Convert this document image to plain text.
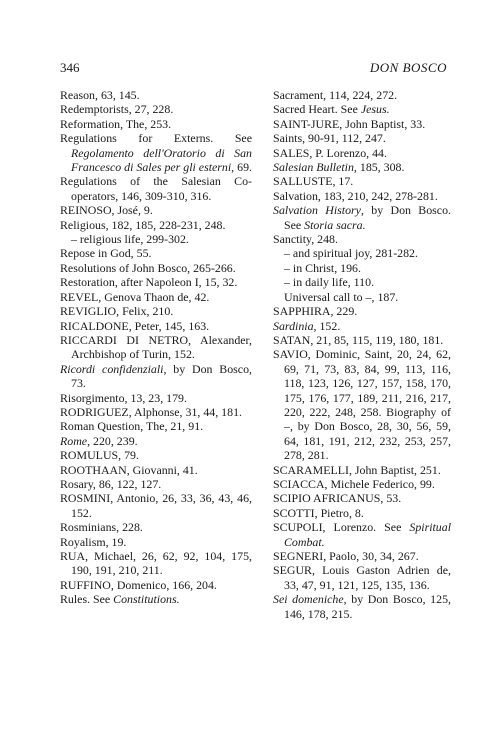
346	DON BOSCO
Reason, 63, 145.
Redemptorists, 27, 228.
Reformation, The, 253.
Regulations for Externs. See Regolamento dell'Oratorio di San Francesco di Sales per gli esterni, 69.
Regulations of the Salesian Co-operators, 146, 309-310, 316.
REINOSO, José, 9.
Religious, 182, 185, 228-231, 248.
– religious life, 299-302.
Repose in God, 55.
Resolutions of John Bosco, 265-266.
Restoration, after Napoleon I, 15, 32.
REVEL, Genova Thaon de, 42.
REVIGLIO, Felix, 210.
RICALDONE, Peter, 145, 163.
RICCARDI DI NETRO, Alexander, Archbishop of Turin, 152.
Ricordi confidenziali, by Don Bosco, 73.
Risorgimento, 13, 23, 179.
RODRIGUEZ, Alphonse, 31, 44, 181.
Roman Question, The, 21, 91.
Rome, 220, 239.
ROMULUS, 79.
ROOTHAAN, Giovanni, 41.
Rosary, 86, 122, 127.
ROSMINI, Antonio, 26, 33, 36, 43, 46, 152.
Rosminians, 228.
Royalism, 19.
RUA, Michael, 26, 62, 92, 104, 175, 190, 191, 210, 211.
RUFFINO, Domenico, 166, 204.
Rules. See Constitutions.
Sacrament, 114, 224, 272.
Sacred Heart. See Jesus.
SAINT-JURE, John Baptist, 33.
Saints, 90-91, 112, 247.
SALES, P. Lorenzo, 44.
Salesian Bulletin, 185, 308.
SALLUSTE, 17.
Salvation, 183, 210, 242, 278-281.
Salvation History, by Don Bosco. See Storia sacra.
Sanctity, 248.
– and spiritual joy, 281-282.
– in Christ, 196.
– in daily life, 110.
Universal call to –, 187.
SAPPHIRA, 229.
Sardinia, 152.
SATAN, 21, 85, 115, 119, 180, 181.
SAVIO, Dominic, Saint, 20, 24, 62, 69, 71, 73, 83, 84, 99, 113, 116, 118, 123, 126, 127, 157, 158, 170, 175, 176, 177, 189, 211, 216, 217, 220, 222, 248, 258. Biography of –, by Don Bosco, 28, 30, 56, 59, 64, 181, 191, 212, 232, 253, 257, 278, 281.
SCARAMELLI, John Baptist, 251.
SCIACCA, Michele Federico, 99.
SCIPIO AFRICANUS, 53.
SCOTTI, Pietro, 8.
SCUPOLI, Lorenzo. See Spiritual Combat.
SEGNERI, Paolo, 30, 34, 267.
SEGUR, Louis Gaston Adrien de, 33, 47, 91, 121, 125, 135, 136.
Sei domeniche, by Don Bosco, 125, 146, 178, 215.
